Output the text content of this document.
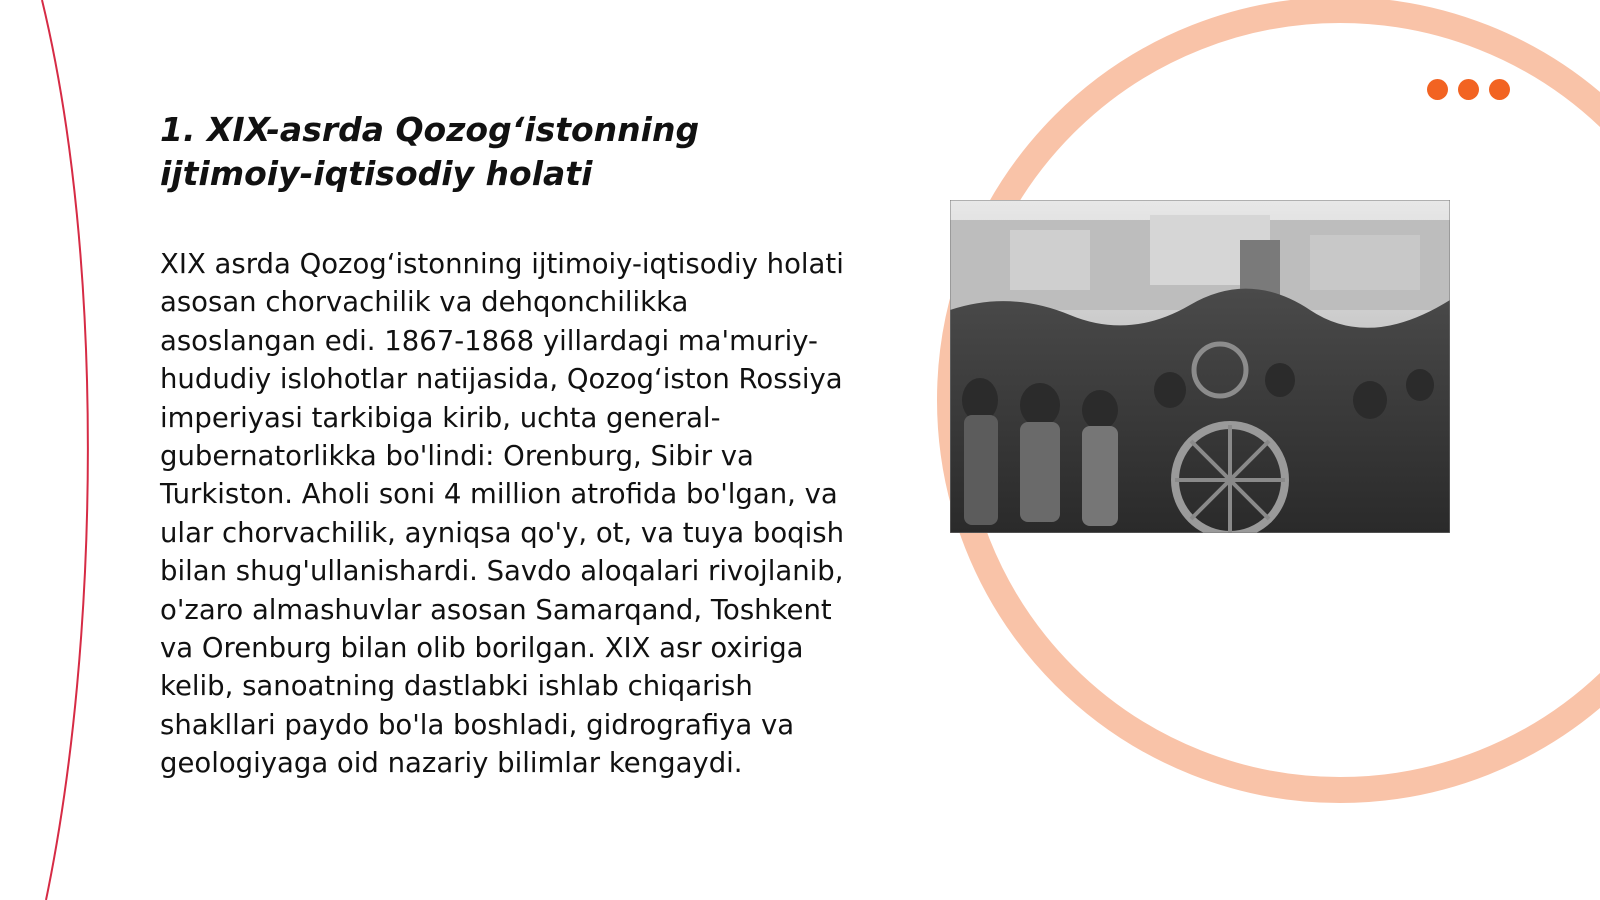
1. XIX-asrda Qozog‘istonning ijtimoiy-iqtisodiy holati

XIX asrda Qozog‘istonning ijtimoiy-iqtisodiy holati asosan chorvachilik va dehqonchilikka asoslangan edi. 1867-1868 yillardagi ma'muriy-hududiy islohotlar natijasida, Qozog‘iston Rossiya imperiyasi tarkibiga kirib, uchta general-gubernatorlikka bo'lindi: Orenburg, Sibir va Turkiston. Aholi soni 4 million atrofida bo'lgan, va ular chorvachilik, ayniqsa qo'y, ot, va tuya boqish bilan shug'ullanishardi. Savdo aloqalari rivojlanib, o'zaro almashuvlar asosan Samarqand, Toshkent va Orenburg bilan olib borilgan. XIX asr oxiriga kelib, sanoatning dastlabki ishlab chiqarish shakllari paydo bo'la boshladi, gidrografiya va geologiyaga oid nazariy bilimlar kengaydi.
